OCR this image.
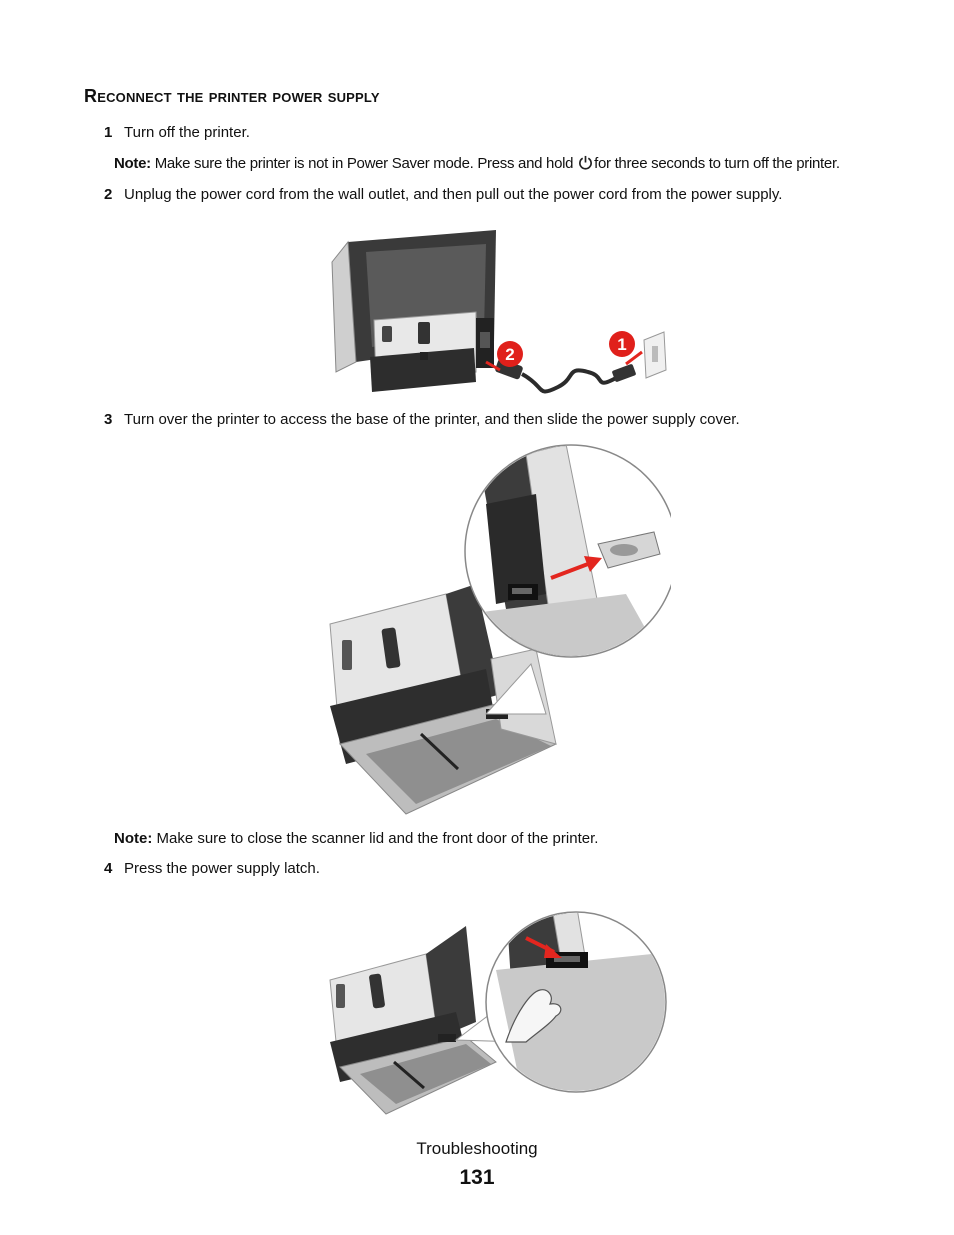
Reconnect the printer power supply
1 Turn off the printer.
Note: Make sure the printer is not in Power Saver mode. Press and hold for three seconds to turn off the printer.
2 Unplug the power cord from the wall outlet, and then pull out the power cord from the power supply.
2
1
3 Turn over the printer to access the base of the printer, and then slide the power supply cover.
Note: Make sure to close the scanner lid and the front door of the printer.
4 Press the power supply latch.
Troubleshooting
131
